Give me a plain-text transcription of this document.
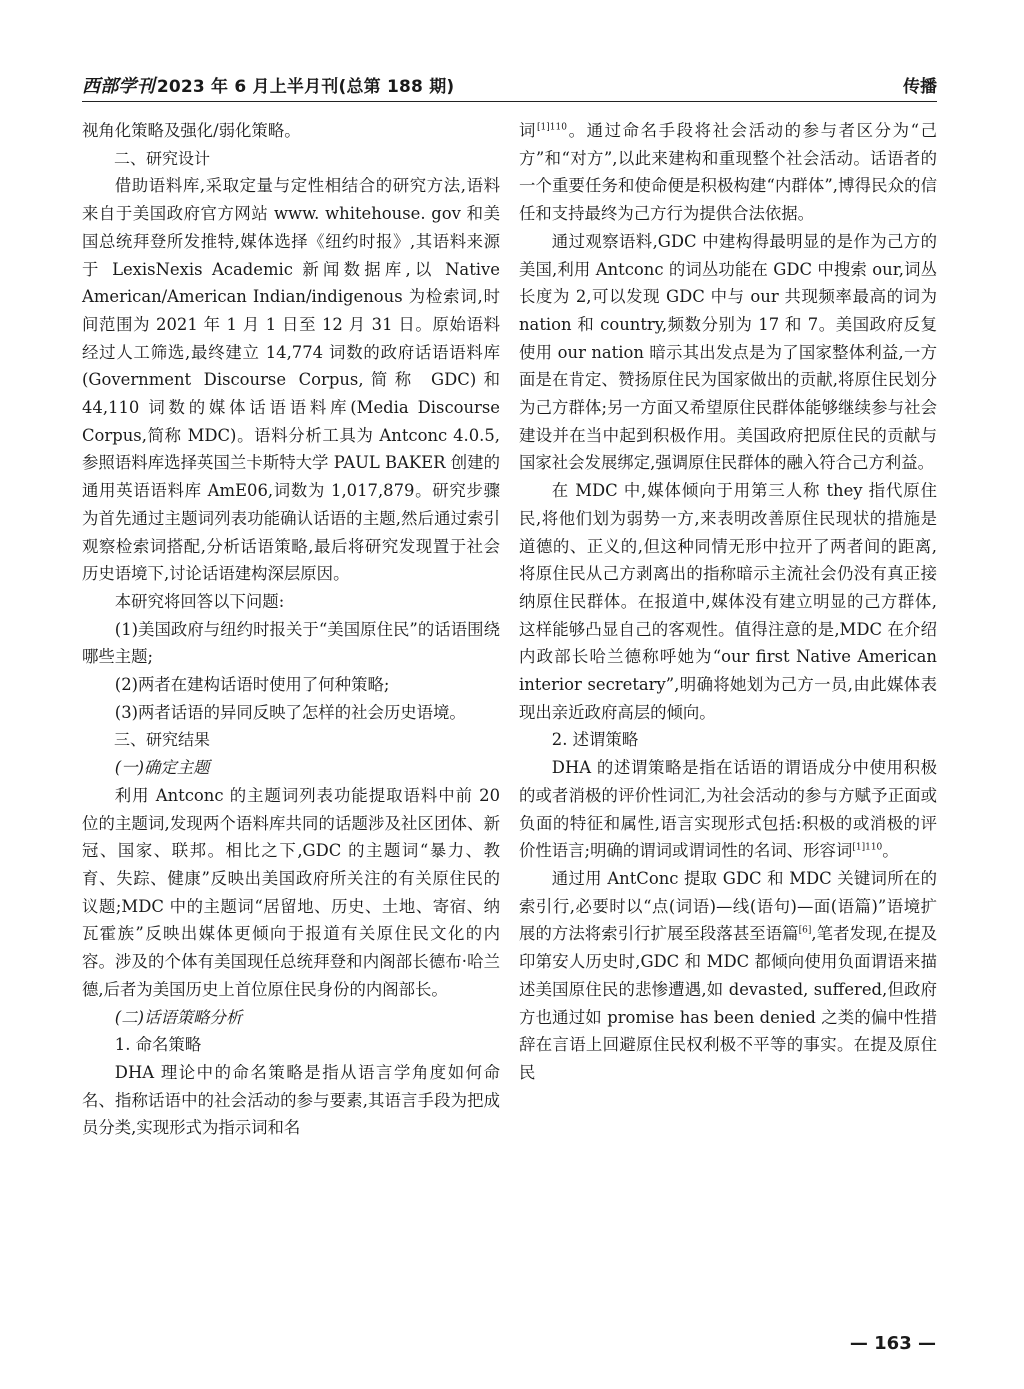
西部学刊 2023 年 6 月上半月刊(总第 188 期)	传播

视角化策略及强化/弱化策略。

二、研究设计

借助语料库,采取定量与定性相结合的研究方法,语料来自于美国政府官方网站 www. whitehouse. gov 和美国总统拜登所发推特,媒体选择《纽约时报》,其语料来源于 LexisNexis Academic 新闻数据库,以 Native American/American Indian/indigenous 为检索词,时间范围为 2021 年 1 月 1 日至 12 月 31 日。原始语料经过人工筛选,最终建立 14,774 词数的政府话语语料库(Government Discourse Corpus,简称 GDC)和 44,110 词数的媒体话语语料库(Media Discourse Corpus,简称 MDC)。语料分析工具为 Antconc 4.0.5,参照语料库选择英国兰卡斯特大学 PAUL BAKER 创建的通用英语语料库 AmE06,词数为 1,017,879。研究步骤为首先通过主题词列表功能确认话语的主题,然后通过索引观察检索词搭配,分析话语策略,最后将研究发现置于社会历史语境下,讨论话语建构深层原因。

本研究将回答以下问题:

(1)美国政府与纽约时报关于“美国原住民”的话语围绕哪些主题;

(2)两者在建构话语时使用了何种策略;

(3)两者话语的异同反映了怎样的社会历史语境。

三、研究结果

(一)确定主题

利用 Antconc 的主题词列表功能提取语料中前 20 位的主题词,发现两个语料库共同的话题涉及社区团体、新冠、国家、联邦。相比之下,GDC 的主题词“暴力、教育、失踪、健康”反映出美国政府所关注的有关原住民的议题;MDC 中的主题词“居留地、历史、土地、寄宿、纳瓦霍族”反映出媒体更倾向于报道有关原住民文化的内容。涉及的个体有美国现任总统拜登和内阁部长德布·哈兰德,后者为美国历史上首位原住民身份的内阁部长。

(二)话语策略分析

1. 命名策略

DHA 理论中的命名策略是指从语言学角度如何命名、指称话语中的社会活动的参与要素,其语言手段为把成员分类,实现形式为指示词和名

词$^{[1]110}$。通过命名手段将社会活动的参与者区分为“己方”和“对方”,以此来建构和重现整个社会活动。话语者的一个重要任务和使命便是积极构建“内群体”,博得民众的信任和支持最终为己方行为提供合法依据。

通过观察语料,GDC 中建构得最明显的是作为己方的美国,利用 Antconc 的词丛功能在 GDC 中搜索 our,词丛长度为 2,可以发现 GDC 中与 our 共现频率最高的词为 nation 和 country,频数分别为 17 和 7。美国政府反复使用 our nation 暗示其出发点是为了国家整体利益,一方面是在肯定、赞扬原住民为国家做出的贡献,将原住民划分为己方群体;另一方面又希望原住民群体能够继续参与社会建设并在当中起到积极作用。美国政府把原住民的贡献与国家社会发展绑定,强调原住民群体的融入符合己方利益。

在 MDC 中,媒体倾向于用第三人称 they 指代原住民,将他们划为弱势一方,来表明改善原住民现状的措施是道德的、正义的,但这种同情无形中拉开了两者间的距离,将原住民从己方剥离出的指称暗示主流社会仍没有真正接纳原住民群体。在报道中,媒体没有建立明显的己方群体,这样能够凸显自己的客观性。值得注意的是,MDC 在介绍内政部长哈兰德称呼她为“our first Native American interior secretary”,明确将她划为己方一员,由此媒体表现出亲近政府高层的倾向。

2. 述谓策略

DHA 的述谓策略是指在话语的谓语成分中使用积极的或者消极的评价性词汇,为社会活动的参与方赋予正面或负面的特征和属性,语言实现形式包括:积极的或消极的评价性语言;明确的谓词或谓词性的名词、形容词$^{[1]110}$。

通过用 AntConc 提取 GDC 和 MDC 关键词所在的索引行,必要时以“点(词语)—线(语句)—面(语篇)”语境扩展的方法将索引行扩展至段落甚至语篇[6],笔者发现,在提及印第安人历史时,GDC 和 MDC 都倾向使用负面谓语来描述美国原住民的悲惨遭遇,如 devasted, suffered,但政府方也通过如 promise has been denied 之类的偏中性措辞在言语上回避原住民权利极不平等的事实。在提及原住民

— 163 —
